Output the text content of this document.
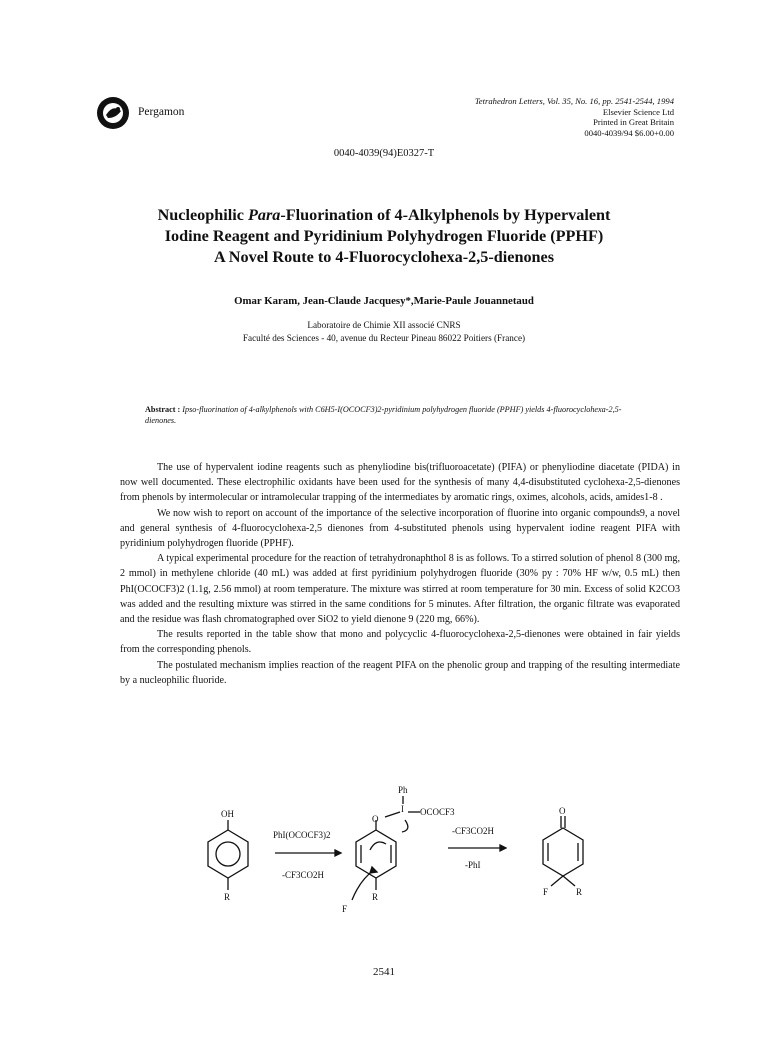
Pergamon
Tetrahedron Letters, Vol. 35, No. 16, pp. 2541-2544, 1994
Elsevier Science Ltd
Printed in Great Britain
0040-4039/94 $6.00+0.00
0040-4039(94)E0327-T
Nucleophilic Para-Fluorination of 4-Alkylphenols by Hypervalent
Iodine Reagent and Pyridinium Polyhydrogen Fluoride (PPHF)
A Novel Route to 4-Fluorocyclohexa-2,5-dienones
Omar Karam, Jean-Claude Jacquesy*,Marie-Paule Jouannetaud
Laboratoire de Chimie XII associé CNRS
Faculté des Sciences - 40, avenue du Recteur Pineau 86022 Poitiers (France)
Abstract : Ipso-fluorination of 4-alkylphenols with C6H5-I(OCOCF3)2-pyridinium polyhydrogen fluoride (PPHF) yields 4-fluorocyclohexa-2,5-dienones.

The use of hypervalent iodine reagents such as phenyliodine bis(trifluoroacetate) (PIFA) or phenyliodine diacetate (PIDA) in now well documented. These electrophilic oxidants have been used for the synthesis of many 4,4-disubstituted cyclohexa-2,5-dienones from phenols by intermolecular or intramolecular trapping of the intermediates by aromatic rings, oximes, alcohols, acids, amides1-8 .

We now wish to report on account of the importance of the selective incorporation of fluorine into organic compounds9, a novel and general synthesis of 4-fluorocyclohexa-2,5 dienones from 4-substituted phenols using hypervalent iodine reagent PIFA with pyridinium polyhydrogen fluoride (PPHF).

A typical experimental procedure for the reaction of tetrahydronaphthol 8 is as follows. To a stirred solution of phenol 8 (300 mg, 2 mmol) in methylene chloride (40 mL) was added at first pyridinium polyhydrogen fluoride (30% py : 70% HF w/w, 0.5 mL) then PhI(OCOCF3)2 (1.1g, 2.56 mmol) at room temperature. The mixture was stirred at room temperature for 30 min. Excess of solid K2CO3 was added and the resulting mixture was stirred in the same conditions for 5 minutes. After filtration, the organic filtrate was evaporated and the residue was flash chromatographed over SiO2 to yield dienone 9 (220 mg, 66%).

The results reported in the table show that mono and polycyclic 4-fluorocyclohexa-2,5-dienones were obtained in fair yields from the corresponding phenols.

The postulated mechanism implies reaction of the reagent PIFA on the phenolic group and trapping of the resulting intermediate by a nucleophilic fluoride.

OH
R
PhI(OCOCF3)2
-CF3CO2H
O
I
Ph
OCOCF3
R
F
-CF3CO2H
-PhI
O
F	R
2541
